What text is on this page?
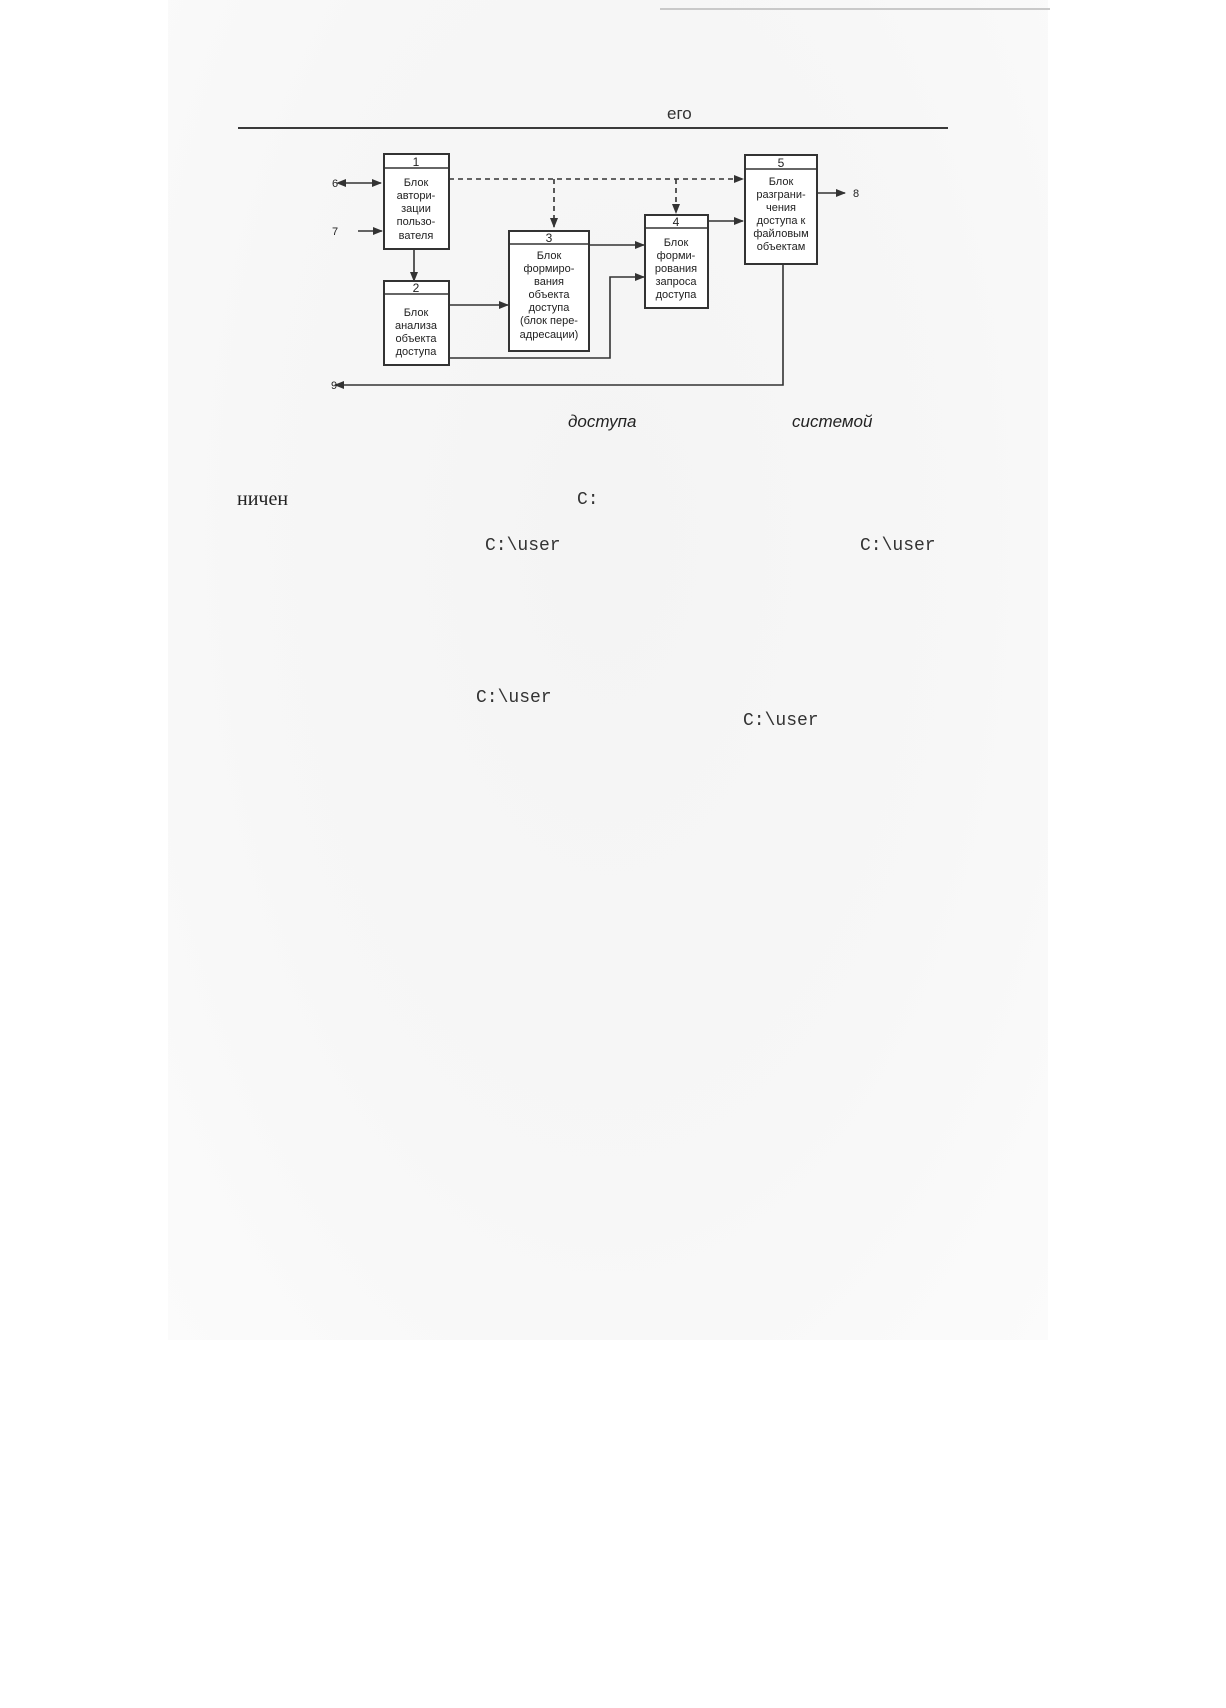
его
1
Блок
автори-
зации
пользо-
вателя
2
Блок
анализа
объекта
доступа
3
Блок
формиро-
вания
объекта
доступа
(блок пере-
адресации)
4
Блок
форми-
рования
запроса
доступа
5
Блок
разграни-
чения
доступа к
файловым
объектам
6
7
8
9
доступа	системой
ничен	C:
C:\user	C:\user
C:\user
C:\user
